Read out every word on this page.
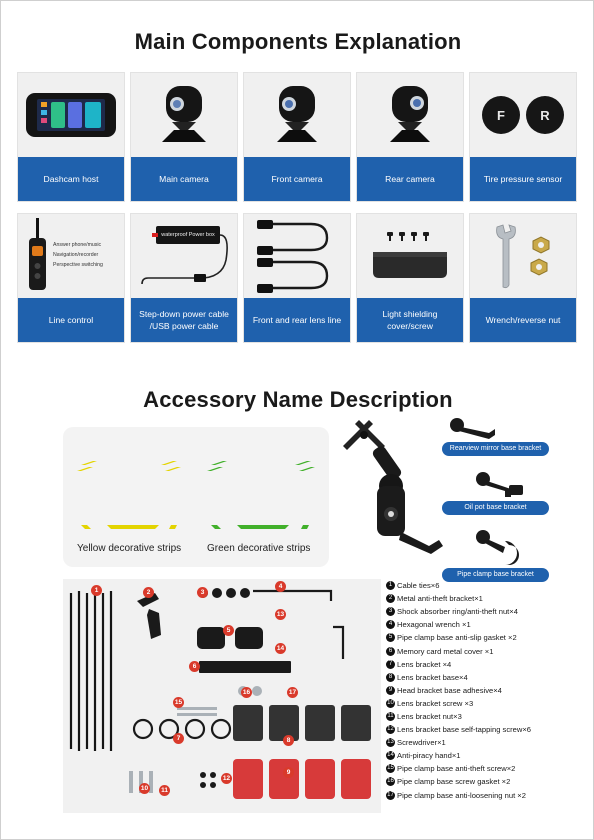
Main Components Explanation
Dashcam host	Main camera	Front camera	Rear camera
F	R
Tire pressure sensor
Answer phone/music
Navigation/recorder
Perspective switching
Line control
waterproof Power box
Step-down power cable /USB power cable
Front and rear lens line
Light shielding cover/screw
Wrench/reverse nut
Accessory Name Description
Yellow decorative strips	Green decorative strips
Rearview mirror base bracket
Oil pot base bracket
Pipe clamp base bracket
1	2	3
4
5
6
7	8
9
10	11
12
13
14
15
16	17
1 Cable ties×6
2 Metal anti-theft bracket×1
3 Shock absorber ring/anti-theft nut×4
4 Hexagonal wrench ×1
5 Pipe clamp base anti-slip gasket ×2
6 Memory card metal cover ×1
7 Lens bracket ×4
8 Lens bracket base×4
9 Head bracket base adhesive×4
10 Lens bracket screw ×3
11 Lens bracket nut×3
12 Lens bracket base self-tapping screw×6
13 Screwdriver×1
14 Anti-piracy hand×1
15 Pipe clamp base anti-theft screw×2
16 Pipe clamp base screw gasket ×2
17 Pipe clamp base anti-loosening nut ×2
